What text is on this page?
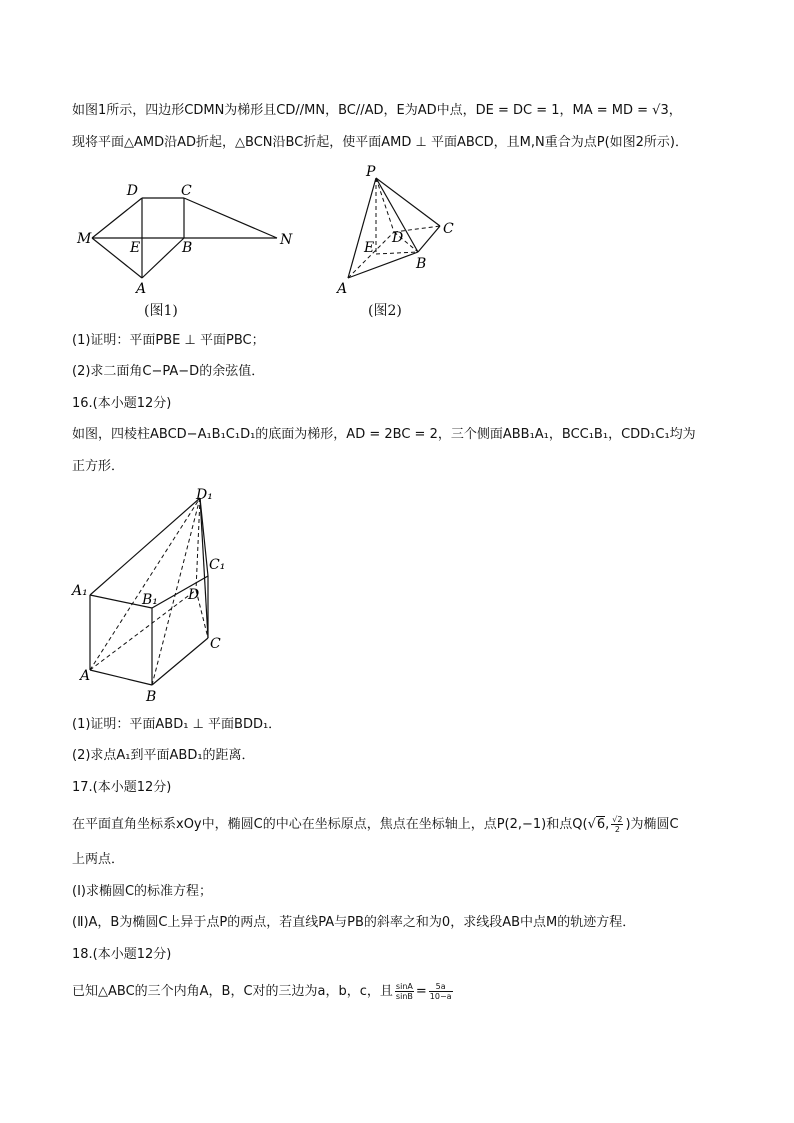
如图1所示，四边形CDMN为梯形且CD//MN，BC//AD，E为AD中点，DE = DC = 1，MA = MD = √3，
现将平面△AMD沿AD折起，△BCN沿BC折起，使平面AMD ⊥ 平面ABCD，且M,N重合为点P(如图2所示)．
D	C
M
E	B	N
A
(图1)
P
C
E
D
B
A
(图2)
(1)证明：平面PBE ⊥ 平面PBC；
(2)求二面角C−PA−D的余弦值．
16.(本小题12分)
如图，四棱柱ABCD−A₁B₁C₁D₁的底面为梯形，AD = 2BC = 2，三个侧面ABB₁A₁，BCC₁B₁，CDD₁C₁均为
正方形．
D₁
C₁
A₁
B₁ D
C
A
B
(1)证明：平面ABD₁ ⊥ 平面BDD₁．
(2)求点A₁到平面ABD₁的距离．
17.(本小题12分)
在平面直角坐标系xOy中，椭圆C的中心在坐标原点，焦点在坐标轴上，点P(2,−1)和点Q(√6, $\frac{√2}{2}$ )为椭圆C
上两点．
(Ⅰ)求椭圆C的标准方程；
(Ⅱ)A，B为椭圆C上异于点P的两点，若直线PA与PB的斜率之和为0，求线段AB中点M的轨迹方程．
18.(本小题12分)
已知△ABC的三个内角A，B，C对的三边为a，b，c，且 $\frac{\sin A}{\sin B} = \frac{5a}{10-a}$
